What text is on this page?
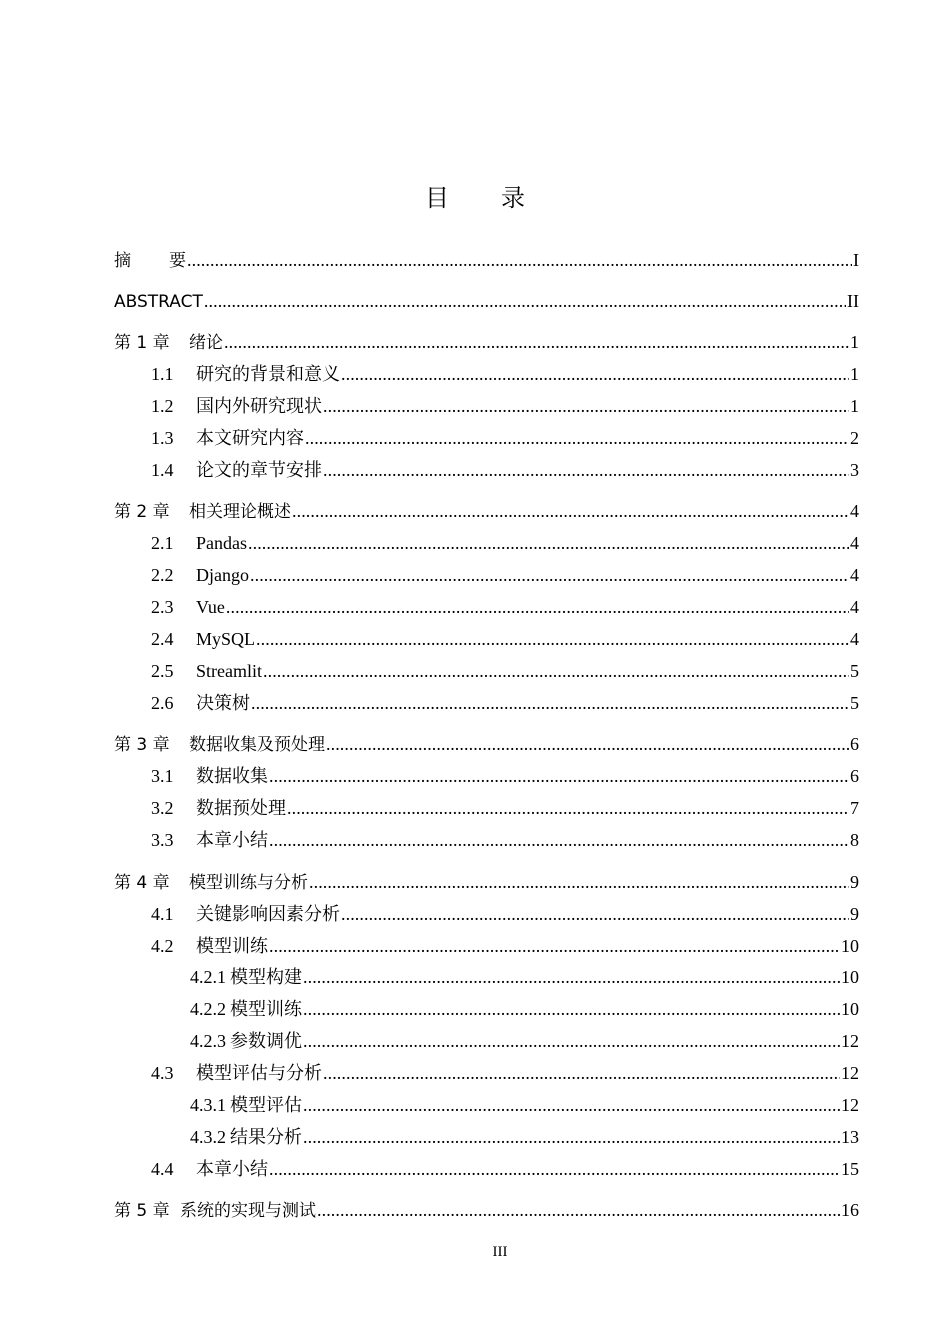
目 录
摘 要 .....	I
ABSTRACT .....	II
第 1 章	绪论 .....	1
1.1	研究的背景和意义 .....	1
1.2	国内外研究现状 .....	1
1.3	本文研究内容 .....	2
1.4	论文的章节安排 .....	3
第 2 章	相关理论概述 .....	4
2.1	Pandas .....	4
2.2	Django .....	4
2.3	Vue .....	4
2.4	MySQL .....	4
2.5	Streamlit .....	5
2.6	决策树 .....	5
第 3 章	数据收集及预处理 .....	6
3.1	数据收集 .....	6
3.2	数据预处理 .....	7
3.3	本章小结 .....	8
第 4 章	模型训练与分析 .....	9
4.1	关键影响因素分析 .....	9
4.2	模型训练 .....	10
4.2.1 模型构建 .....	10
4.2.2 模型训练 .....	10
4.2.3 参数调优 .....	12
4.3	模型评估与分析 .....	12
4.3.1 模型评估 .....	12
4.3.2 结果分析 .....	13
4.4	本章小结 .....	15
第 5 章 系统的实现与测试 .....	16
III
